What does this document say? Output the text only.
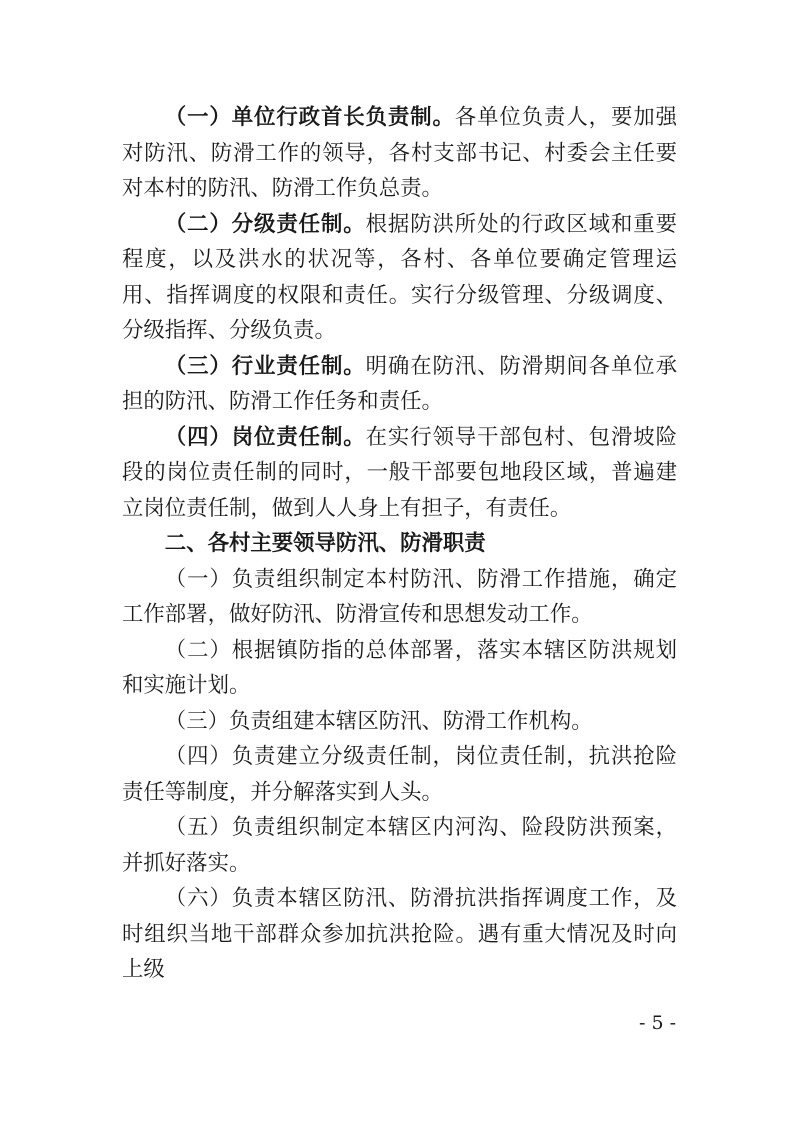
（一）单位行政首长负责制。各单位负责人，要加强对防汛、防滑工作的领导，各村支部书记、村委会主任要对本村的防汛、防滑工作负总责。

（二）分级责任制。根据防洪所处的行政区域和重要程度，以及洪水的状况等，各村、各单位要确定管理运用、指挥调度的权限和责任。实行分级管理、分级调度、分级指挥、分级负责。

（三）行业责任制。明确在防汛、防滑期间各单位承担的防汛、防滑工作任务和责任。

（四）岗位责任制。在实行领导干部包村、包滑坡险段的岗位责任制的同时，一般干部要包地段区域，普遍建立岗位责任制，做到人人身上有担子，有责任。

二、各村主要领导防汛、防滑职责

（一）负责组织制定本村防汛、防滑工作措施，确定工作部署，做好防汛、防滑宣传和思想发动工作。

（二）根据镇防指的总体部署，落实本辖区防洪规划和实施计划。

（三）负责组建本辖区防汛、防滑工作机构。

（四）负责建立分级责任制，岗位责任制，抗洪抢险责任等制度，并分解落实到人头。

（五）负责组织制定本辖区内河沟、险段防洪预案，并抓好落实。

（六）负责本辖区防汛、防滑抗洪指挥调度工作，及时组织当地干部群众参加抗洪抢险。遇有重大情况及时向上级

- 5 -
